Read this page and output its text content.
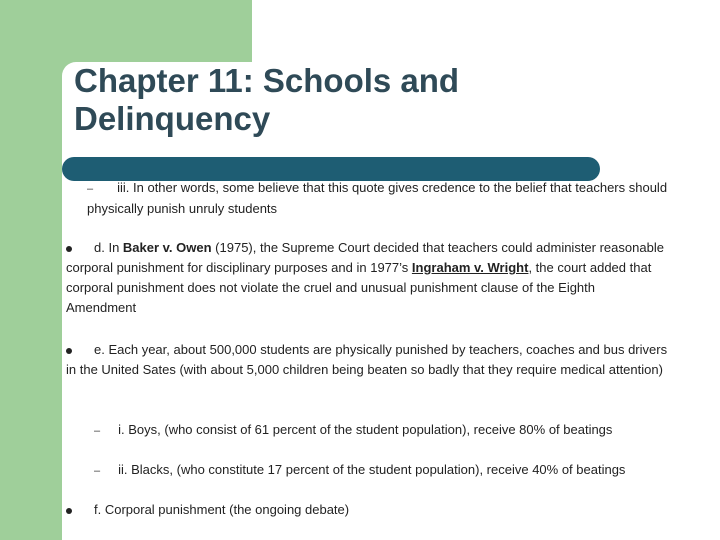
Chapter 11: Schools and
Delinquency

– iii. In other words, some believe that this quote gives credence to the belief that teachers should physically punish unruly students

d. In Baker v. Owen (1975), the Supreme Court decided that teachers could administer reasonable corporal punishment for disciplinary purposes and in 1977’s Ingraham v. Wright, the court added that corporal punishment does not violate the cruel and unusual punishment clause of the Eighth Amendment

e. Each year, about 500,000 students are physically punished by teachers, coaches and bus drivers in the United Sates (with about 5,000 children being beaten so badly that they require medical attention)

– i. Boys, (who consist of 61 percent of the student population), receive 80% of beatings

– ii. Blacks, (who constitute 17 percent of the student population), receive 40% of beatings

f. Corporal punishment (the ongoing debate)
